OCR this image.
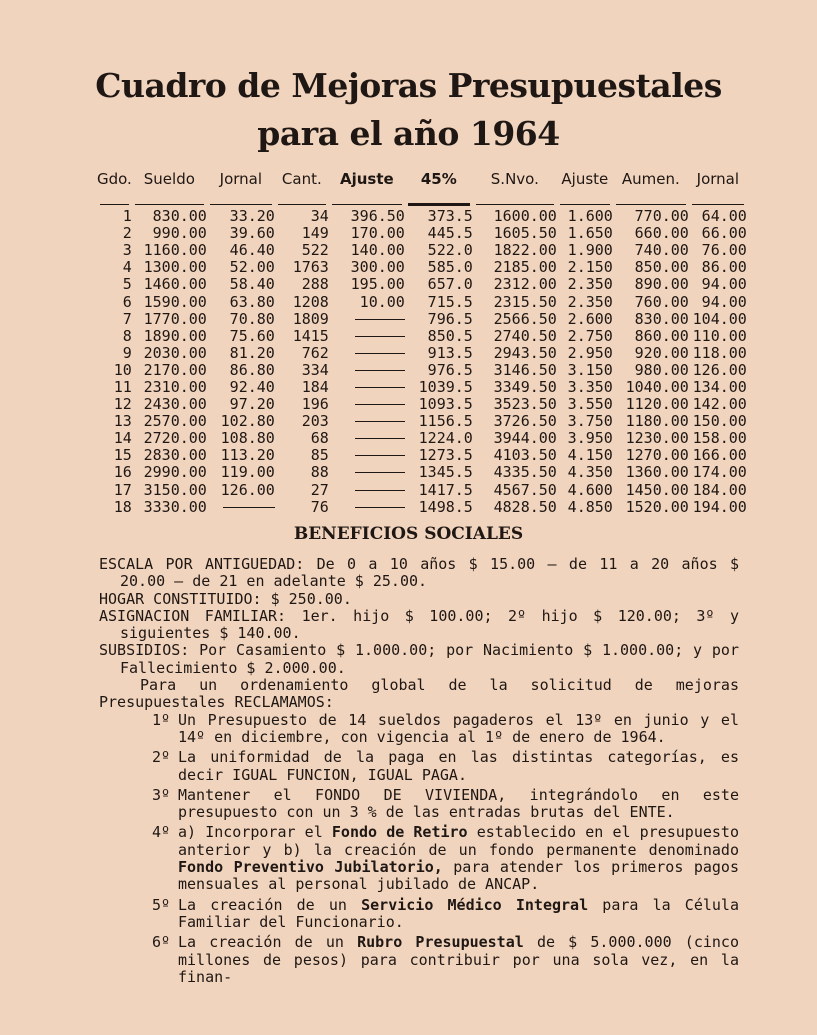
Cuadro de Mejoras Presupuestales
para el año 1964
Gdo.	Sueldo	Jornal	Cant.	Ajuste	45%	S.Nvo.	Ajuste	Aumen.	Jornal

1	830.00	33.20	34	396.50	373.5	1600.00	1.600	770.00	64.00
2	990.00	39.60	149	170.00	445.5	1605.50	1.650	660.00	66.00
3	1160.00	46.40	522	140.00	522.0	1822.00	1.900	740.00	76.00
4	1300.00	52.00	1763	300.00	585.0	2185.00	2.150	850.00	86.00
5	1460.00	58.40	288	195.00	657.0	2312.00	2.350	890.00	94.00
6	1590.00	63.80	1208	10.00	715.5	2315.50	2.350	760.00	94.00
7	1770.00	70.80	1809		796.5	2566.50	2.600	830.00	104.00
8	1890.00	75.60	1415		850.5	2740.50	2.750	860.00	110.00
9	2030.00	81.20	762		913.5	2943.50	2.950	920.00	118.00
10	2170.00	86.80	334		976.5	3146.50	3.150	980.00	126.00
11	2310.00	92.40	184		1039.5	3349.50	3.350	1040.00	134.00
12	2430.00	97.20	196		1093.5	3523.50	3.550	1120.00	142.00
13	2570.00	102.80	203		1156.5	3726.50	3.750	1180.00	150.00
14	2720.00	108.80	68		1224.0	3944.00	3.950	1230.00	158.00
15	2830.00	113.20	85		1273.5	4103.50	4.150	1270.00	166.00
16	2990.00	119.00	88		1345.5	4335.50	4.350	1360.00	174.00
17	3150.00	126.00	27		1417.5	4567.50	4.600	1450.00	184.00
18	3330.00		76		1498.5	4828.50	4.850	1520.00	194.00
BENEFICIOS SOCIALES

ESCALA POR ANTIGUEDAD: De 0 a 10 años $ 15.00 — de 11 a 20 años $ 20.00 — de 21 en adelante $ 25.00.

HOGAR CONSTITUIDO: $ 250.00.

ASIGNACION FAMILIAR: 1er. hijo $ 100.00; 2º hijo $ 120.00; 3º y siguientes $ 140.00.

SUBSIDIOS: Por Casamiento $ 1.000.00; por Nacimiento $ 1.000.00; y por Fallecimiento $ 2.000.00.

Para un ordenamiento global de la solicitud de mejoras Presupuestales RECLAMAMOS:

1º Un Presupuesto de 14 sueldos pagaderos el 13º en junio y el 14º en diciembre, con vigencia al 1º de enero de 1964.
2º La uniformidad de la paga en las distintas categorías, es decir IGUAL FUNCION, IGUAL PAGA.
3º Mantener el FONDO DE VIVIENDA, integrándolo en este presupuesto con un 3 % de las entradas brutas del ENTE.
4º a) Incorporar el Fondo de Retiro establecido en el presupuesto anterior y b) la creación de un fondo permanente denominado Fondo Preventivo Jubilatorio, para atender los primeros pagos mensuales al personal jubilado de ANCAP.
5º La creación de un Servicio Médico Integral para la Célula Familiar del Funcionario.
6º La creación de un Rubro Presupuestal de $ 5.000.000 (cinco millones de pesos) para contribuir por una sola vez, en la finan-
